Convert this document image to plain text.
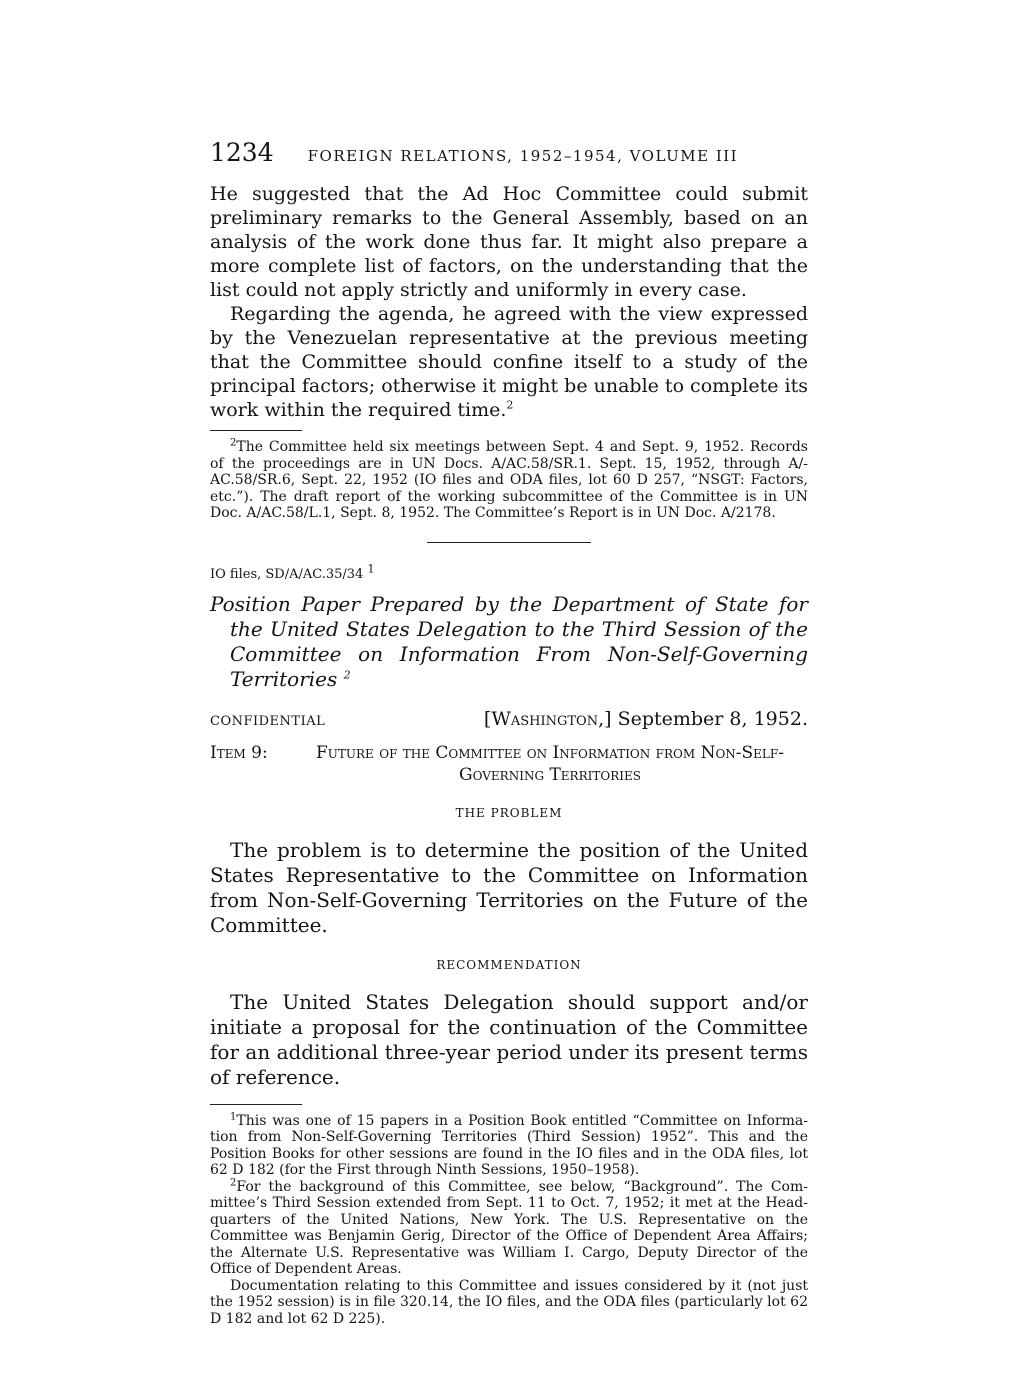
1234 FOREIGN RELATIONS, 1952–1954, VOLUME III

He suggested that the Ad Hoc Committee could submit preliminary remarks to the General Assembly, based on an analysis of the work done thus far. It might also prepare a more complete list of factors, on the understanding that the list could not apply strictly and uniformly in every case.

Regarding the agenda, he agreed with the view expressed by the Venezuelan representative at the previous meeting that the Committee should confine itself to a study of the principal factors; otherwise it might be unable to complete its work within the required time.$^2$

$^2$The Committee held six meetings between Sept. 4 and Sept. 9, 1952. Records of the proceedings are in UN Docs. A/AC.58/SR.1. Sept. 15, 1952, through A/-AC.58/SR.6, Sept. 22, 1952 (IO files and ODA files, lot 60 D 257, “NSGT: Factors, etc.”). The draft report of the working subcommittee of the Committee is in UN Doc. A/AC.58/L.1, Sept. 8, 1952. The Committee’s Report is in UN Doc. A/2178.

IO files, SD/A/AC.35/34 $^1$

Position Paper Prepared by the Department of State for the United States Delegation to the Third Session of the Committee on Information From Non-Self-Governing Territories $^2$

CONFIDENTIAL	[Washington,] September 8, 1952.
Item 9:	Future of the Committee on Information from Non-Self-Governing Territories
THE PROBLEM

The problem is to determine the position of the United States Representative to the Committee on Information from Non-Self-Governing Territories on the Future of the Committee.

RECOMMENDATION

The United States Delegation should support and/or initiate a proposal for the continuation of the Committee for an additional three-year period under its present terms of reference.

$^1$This was one of 15 papers in a Position Book entitled “Committee on Information from Non-Self-Governing Territories (Third Session) 1952”. This and the Position Books for other sessions are found in the IO files and in the ODA files, lot 62 D 182 (for the First through Ninth Sessions, 1950–1958).

$^2$For the background of this Committee, see below, “Background”. The Committee’s Third Session extended from Sept. 11 to Oct. 7, 1952; it met at the Headquarters of the United Nations, New York. The U.S. Representative on the Committee was Benjamin Gerig, Director of the Office of Dependent Area Affairs; the Alternate U.S. Representative was William I. Cargo, Deputy Director of the Office of Dependent Areas.

Documentation relating to this Committee and issues considered by it (not just the 1952 session) is in file 320.14, the IO files, and the ODA files (particularly lot 62 D 182 and lot 62 D 225).
